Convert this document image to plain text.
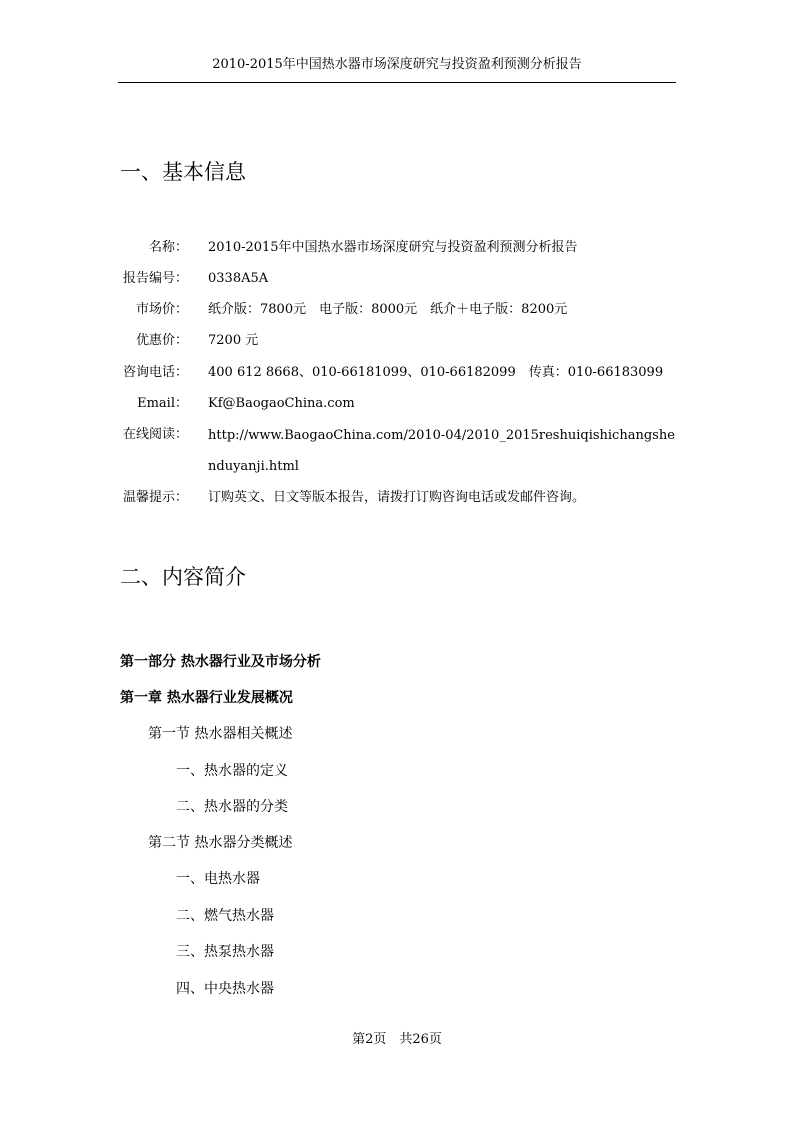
2010-2015年中国热水器市场深度研究与投资盈利预测分析报告
一、基本信息
名称： 2010-2015年中国热水器市场深度研究与投资盈利预测分析报告
报告编号： 0338A5A
市场价： 纸介版：7800元　电子版：8000元　纸介＋电子版：8200元
优惠价： 7200 元
咨询电话： 400 612 8668、010-66181099、010-66182099　传真：010-66183099
Email： Kf@BaogaoChina.com
在线阅读： http://www.BaogaoChina.com/2010-04/2010_2015reshuiqishichangshenduyanji.html
温馨提示： 订购英文、日文等版本报告，请拨打订购咨询电话或发邮件咨询。
二、内容简介
第一部分 热水器行业及市场分析
第一章 热水器行业发展概况
第一节 热水器相关概述
一、热水器的定义
二、热水器的分类
第二节 热水器分类概述
一、电热水器
二、燃气热水器
三、热泵热水器
四、中央热水器
第2页　共26页
